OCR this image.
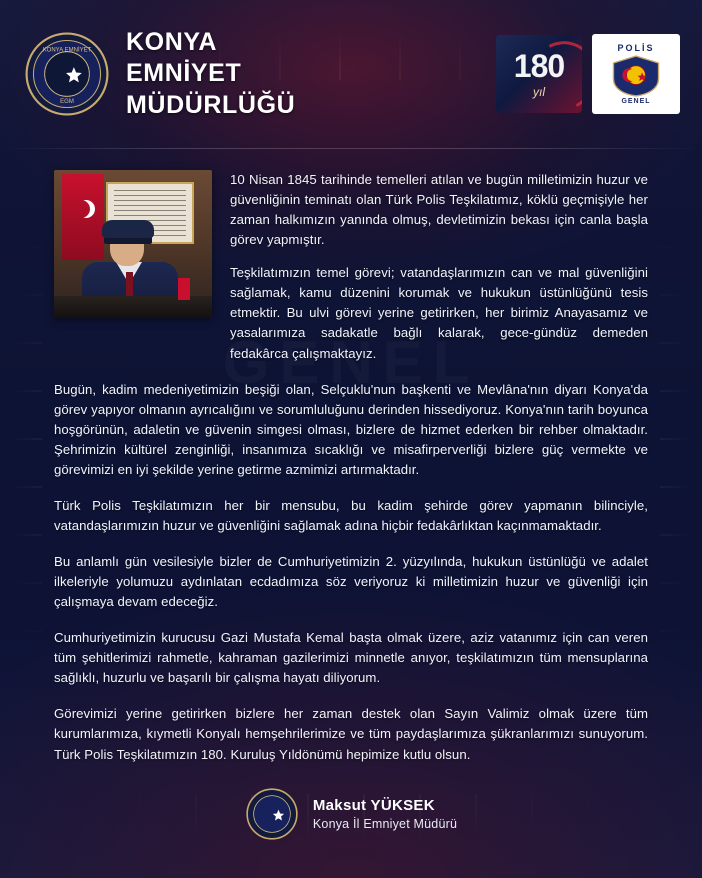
KONYA EMNİYET
EGM
KONYA
EMNİYET
MÜDÜRLÜĞÜ
180
yıl
POLİS
GENEL

10 Nisan 1845 tarihinde temelleri atılan ve bugün milletimizin huzur ve güvenliğinin teminatı olan Türk Polis Teşkilatımız, köklü geçmişiyle her zaman halkımızın yanında olmuş, devletimizin bekası için canla başla görev yapmıştır.

Teşkilatımızın temel görevi; vatandaşlarımızın can ve mal güvenliğini sağlamak, kamu düzenini korumak ve hukukun üstünlüğünü tesis etmektir. Bu ulvi görevi yerine getirirken, her birimiz Anayasamız ve yasalarımıza sadakatle bağlı kalarak, gece-gündüz demeden fedakârca çalışmaktayız.

Bugün, kadim medeniyetimizin beşiği olan, Selçuklu'nun başkenti ve Mevlâna'nın diyarı Konya'da görev yapıyor olmanın ayrıcalığını ve sorumluluğunu derinden hissediyoruz. Konya'nın tarih boyunca hoşgörünün, adaletin ve güvenin simgesi olması, bizlere de hizmet ederken bir rehber olmaktadır. Şehrimizin kültürel zenginliği, insanımıza sıcaklığı ve misafirperverliği bizlere güç vermekte ve görevimizi en iyi şekilde yerine getirme azmimizi artırmaktadır.

Türk Polis Teşkilatımızın her bir mensubu, bu kadim şehirde görev yapmanın bilinciyle, vatandaşlarımızın huzur ve güvenliğini sağlamak adına hiçbir fedakârlıktan kaçınmamaktadır.

Bu anlamlı gün vesilesiyle bizler de Cumhuriyetimizin 2. yüzyılında, hukukun üstünlüğü ve adalet ilkeleriyle yolumuzu aydınlatan ecdadımıza söz veriyoruz ki milletimizin huzur ve güvenliği için çalışmaya devam edeceğiz.

Cumhuriyetimizin kurucusu Gazi Mustafa Kemal başta olmak üzere, aziz vatanımız için can veren tüm şehitlerimizi rahmetle, kahraman gazilerimizi minnetle anıyor, teşkilatımızın tüm mensuplarına sağlıklı, huzurlu ve başarılı bir çalışma hayatı diliyorum.

Görevimizi yerine getirirken bizlere her zaman destek olan Sayın Valimiz olmak üzere tüm kurumlarımıza, kıymetli Konyalı hemşehrilerimize ve tüm paydaşlarımıza şükranlarımızı sunuyorum. Türk Polis Teşkilatımızın 180. Kuruluş Yıldönümü hepimize kutlu olsun.

Maksut YÜKSEK
Konya İl Emniyet Müdürü
